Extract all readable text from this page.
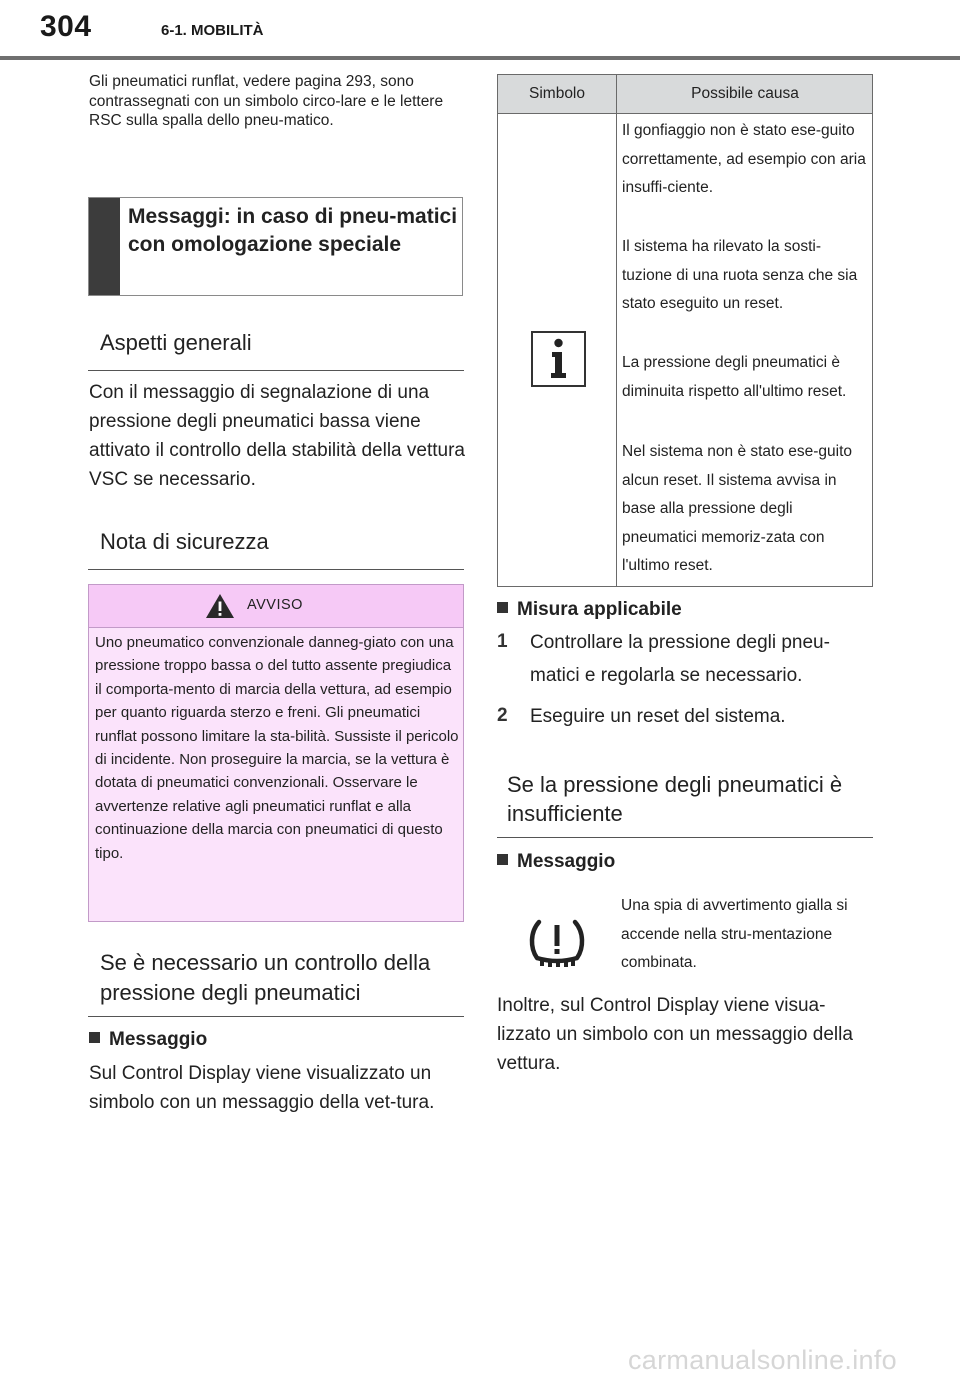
304	6-1. MOBILITÀ
Gli pneumatici runflat, vedere pagina 293, sono contrassegnati con un simbolo circo-lare e le lettere RSC sulla spalla dello pneu-matico.
Messaggi: in caso di pneu-matici con omologazione speciale
Aspetti generali
Con il messaggio di segnalazione di una pressione degli pneumatici bassa viene attivato il controllo della stabilità della vettura VSC se necessario.
Nota di sicurezza
AVVISO
Uno pneumatico convenzionale danneg-giato con una pressione troppo bassa o del tutto assente pregiudica il comporta-mento di marcia della vettura, ad esempio per quanto riguarda sterzo e freni. Gli pneumatici runflat possono limitare la sta-bilità. Sussiste il pericolo di incidente. Non proseguire la marcia, se la vettura è dotata di pneumatici convenzionali. Osservare le avvertenze relative agli pneumatici runflat e alla continuazione della marcia con pneumatici di questo tipo.
Se è necessario un controllo della pressione degli pneumatici
Messaggio
Sul Control Display viene visualizzato un simbolo con un messaggio della vet-tura.
Simbolo	Possibile causa
Il gonfiaggio non è stato ese-guito correttamente, ad esempio con aria insuffi-ciente.
Il sistema ha rilevato la sosti-tuzione di una ruota senza che sia stato eseguito un reset.
La pressione degli pneumatici è diminuita rispetto all'ultimo reset.
Nel sistema non è stato ese-guito alcun reset. Il sistema avvisa in base alla pressione degli pneumatici memoriz-zata con l'ultimo reset.
Misura applicabile
1 Controllare la pressione degli pneu-matici e regolarla se necessario.
2 Eseguire un reset del sistema.
Se la pressione degli pneumatici è insufficiente
Messaggio
Una spia di avvertimento gialla si accende nella stru-mentazione combinata.
Inoltre, sul Control Display viene visua-lizzato un simbolo con un messaggio della vettura.
carmanualsonline.info
